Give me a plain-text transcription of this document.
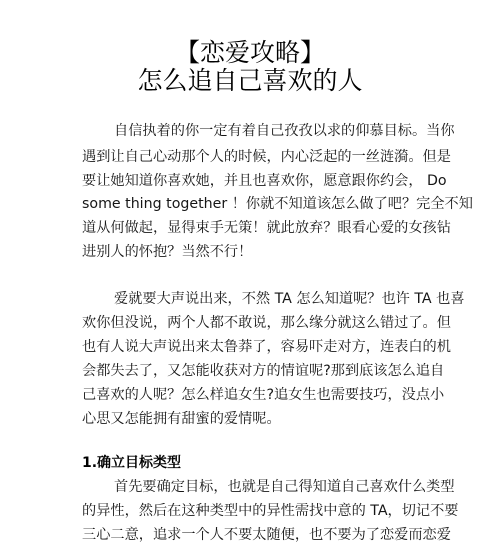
【恋爱攻略】
怎么追自己喜欢的人
自信执着的你一定有着自己孜孜以求的仰慕目标。当你
遇到让自己心动那个人的时候，内心泛起的一丝涟漪。但是
要让她知道你喜欢她，并且也喜欢你，愿意跟你约会， Do
some thing together ！你就不知道该怎么做了吧？完全不知
道从何做起，显得束手无策！就此放弃？眼看心爱的女孩钻
进别人的怀抱？当然不行！
爱就要大声说出来，不然 TA 怎么知道呢？也许 TA 也喜
欢你但没说，两个人都不敢说，那么缘分就这么错过了。但
也有人说大声说出来太鲁莽了，容易吓走对方，连表白的机
会都失去了，又怎能收获对方的情谊呢?那到底该怎么追自
己喜欢的人呢？怎么样追女生?追女生也需要技巧，没点小
心思又怎能拥有甜蜜的爱情呢。
1.确立目标类型
首先要确定目标，也就是自己得知道自己喜欢什么类型
的异性，然后在这种类型中的异性需找中意的 TA，切记不要
三心二意，追求一个人不要太随便，也不要为了恋爱而恋爱
